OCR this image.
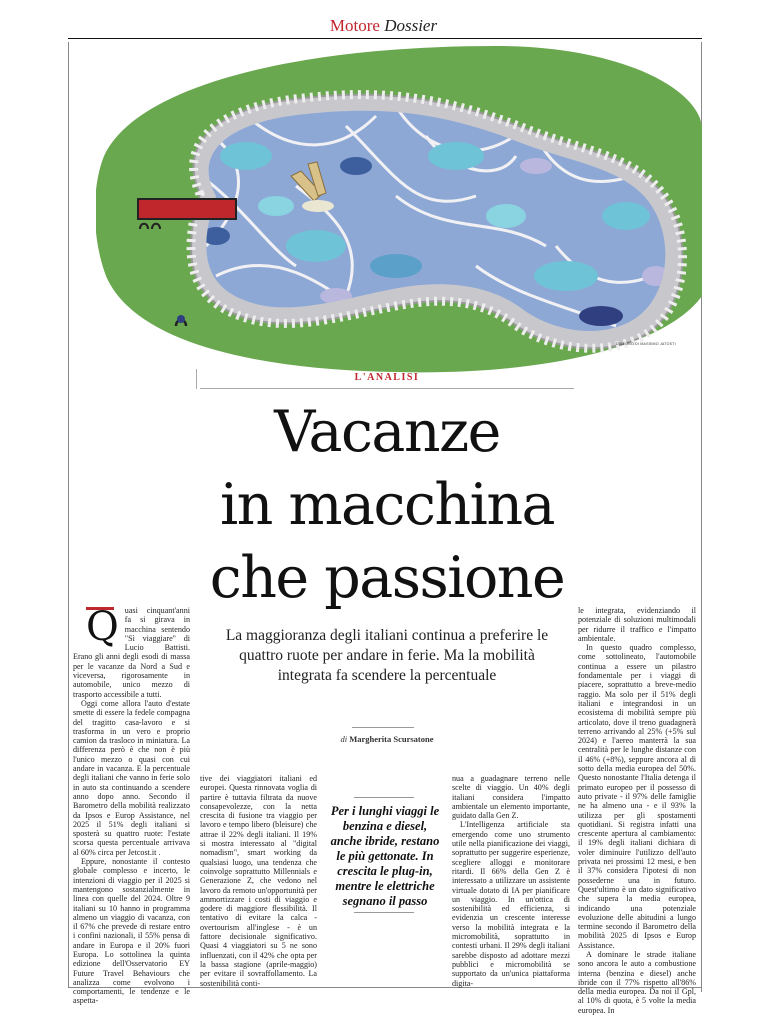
Motore Dossier
DISEGNO DI MASSIMO JATOSTI
L'ANALISI
Vacanze
in macchina
che passione
La maggioranza degli italiani continua a preferire le quattro ruote per andare in ferie. Ma la mobilità integrata fa scendere la percentuale
di Margherita Scursatone
Q uasi cinquant'anni fa si girava in macchina sentendo "Sì viaggiare" di Lucio Battisti. Erano gli anni degli esodi di massa per le vacanze da Nord a Sud e viceversa, rigorosamente in automobile, unico mezzo di trasporto accessibile a tutti.

Oggi come allora l'auto d'estate smette di essere la fedele compagna del tragitto casa-lavoro e si trasforma in un vero e proprio camion da trasloco in miniatura. La differenza però è che non è più l'unico mezzo o quasi con cui andare in vacanza. E la percentuale degli italiani che vanno in ferie solo in auto sta continuando a scendere anno dopo anno. Secondo il Barometro della mobilità realizzato da Ipsos e Europ Assistance, nel 2025 il 51% degli italiani si sposterà su quattro ruote: l'estate scorsa questa percentuale arrivava al 60% circa per Jetcost.it .

Eppure, nonostante il contesto globale complesso e incerto, le intenzioni di viaggio per il 2025 si mantengono sostanzialmente in linea con quelle del 2024. Oltre 9 italiani su 10 hanno in programma almeno un viaggio di vacanza, con il 67% che prevede di restare entro i confini nazionali, il 55% pensa di andare in Europa e il 20% fuori Europa. Lo sottolinea la quinta edizione dell'Osservatorio EY Future Travel Behaviours che analizza come evolvono i comportamenti, le tendenze e le aspetta-

tive dei viaggiatori italiani ed europei. Questa rinnovata voglia di partire è tuttavia filtrata da nuove consapevolezze, con la netta crescita di fusione tra viaggio per lavoro e tempo libero (bleisure) che attrae il 22% degli italiani. Il 19% si mostra interessato al "digital nomadism", smart working da qualsiasi luogo, una tendenza che coinvolge soprattutto Millennials e Generazione Z, che vedono nel lavoro da remoto un'opportunità per ammortizzare i costi di viaggio e godere di maggiore flessibilità. Il tentativo di evitare la calca - overtourism all'inglese - è un fattore decisionale significativo. Quasi 4 viaggiatori su 5 ne sono influenzati, con il 42% che opta per la bassa stagione (aprile-maggio) per evitare il sovraffollamento. La sostenibilità conti-

Per i lunghi viaggi le benzina e diesel, anche ibride, restano le più gettonate. In crescita le plug-in, mentre le elettriche segnano il passo

nua a guadagnare terreno nelle scelte di viaggio. Un 40% degli italiani considera l'impatto ambientale un elemento importante, guidato dalla Gen Z.

L'Intelligenza artificiale sta emergendo come uno strumento utile nella pianificazione dei viaggi, soprattutto per suggerire esperienze, scegliere alloggi e monitorare ritardi. Il 66% della Gen Z è interessato a utilizzare un assistente virtuale dotato di IA per pianificare un viaggio. In un'ottica di sostenibilità ed efficienza, si evidenzia un crescente interesse verso la mobilità integrata e la micromobilità, soprattutto in contesti urbani. Il 29% degli italiani sarebbe disposto ad adottare mezzi pubblici e micromobilità se supportato da un'unica piattaforma digita-

le integrata, evidenziando il potenziale di soluzioni multimodali per ridurre il traffico e l'impatto ambientale.

In questo quadro complesso, come sottolineato, l'automobile continua a essere un pilastro fondamentale per i viaggi di piacere, soprattutto a breve-medio raggio. Ma solo per il 51% degli italiani e integrandosi in un ecosistema di mobilità sempre più articolato, dove il treno guadagnerà terreno arrivando al 25% (+5% sul 2024) e l'aereo manterrà la sua centralità per le lunghe distanze con il 46% (+8%), seppure ancora al di sotto della media europea del 50%. Questo nonostante l'Italia detenga il primato europeo per il possesso di auto private - il 97% delle famiglie ne ha almeno una - e il 93% la utilizza per gli spostamenti quotidiani. Si registra infatti una crescente apertura al cambiamento: il 19% degli italiani dichiara di voler diminuire l'utilizzo dell'auto privata nei prossimi 12 mesi, e ben il 37% considera l'ipotesi di non possederne una in futuro. Quest'ultimo è un dato significativo che supera la media europea, indicando una potenziale evoluzione delle abitudini a lungo termine secondo il Barometro della mobilità 2025 di Ipsos e Europ Assistance.

A dominare le strade italiane sono ancora le auto a combustione interna (benzina e diesel) anche ibride con il 77% rispetto all'86% della media europea. Da noi il Gpl, al 10% di quota, è 5 volte la media europea. In
